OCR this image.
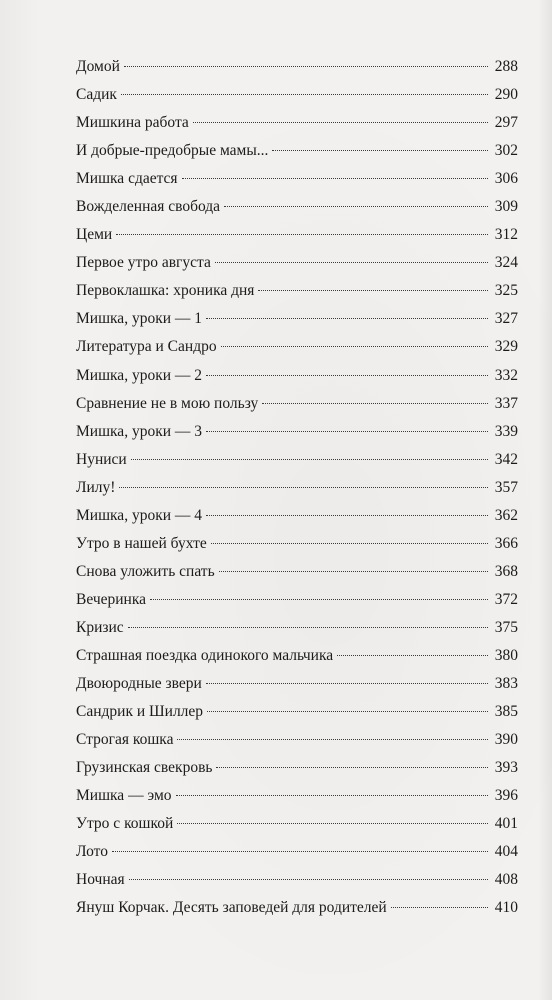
Домой	288
Садик	290
Мишкина работа	297
И добрые-предобрые мамы...	302
Мишка сдается	306
Вожделенная свобода	309
Цеми	312
Первое утро августа	324
Первоклашка: хроника дня	325
Мишка, уроки — 1	327
Литература и Сандро	329
Мишка, уроки — 2	332
Сравнение не в мою пользу	337
Мишка, уроки — 3	339
Нуниси	342
Лилу!	357
Мишка, уроки — 4	362
Утро в нашей бухте	366
Снова уложить спать	368
Вечеринка	372
Кризис	375
Страшная поездка одинокого мальчика	380
Двоюродные звери	383
Сандрик и Шиллер	385
Строгая кошка	390
Грузинская свекровь	393
Мишка — эмо	396
Утро с кошкой	401
Лото	404
Ночная	408
Януш Корчак. Десять заповедей для родителей	410
